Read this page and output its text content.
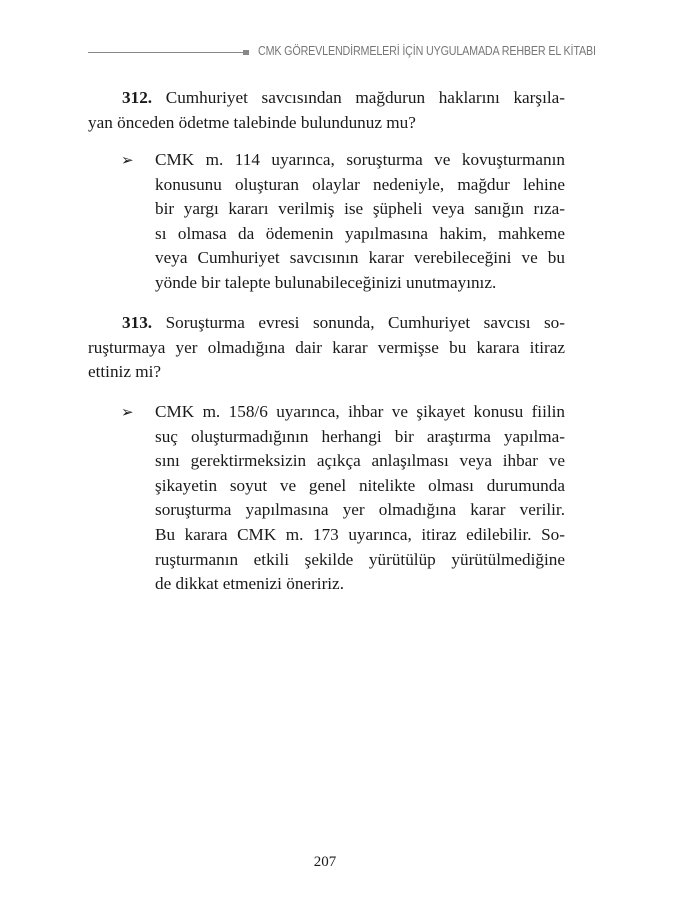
CMK GÖREVLENDİRMELERİ İÇİN UYGULAMADA REHBER EL KİTABI
312. Cumhuriyet savcısından mağdurun haklarını karşıla-
yan önceden ödetme talebinde bulundunuz mu?
➢ CMK m. 114 uyarınca, soruşturma ve kovuşturmanın
konusunu oluşturan olaylar nedeniyle, mağdur lehine
bir yargı kararı verilmiş ise şüpheli veya sanığın rıza-
sı olmasa da ödemenin yapılmasına hakim, mahkeme
veya Cumhuriyet savcısının karar verebileceğini ve bu
yönde bir talepte bulunabileceğinizi unutmayınız.
313. Soruşturma evresi sonunda, Cumhuriyet savcısı so-
ruşturmaya yer olmadığına dair karar vermişse bu karara itiraz
ettiniz mi?
➢ CMK m. 158/6 uyarınca, ihbar ve şikayet konusu fiilin
suç oluşturmadığının herhangi bir araştırma yapılma-
sını gerektirmeksizin açıkça anlaşılması veya ihbar ve
şikayetin soyut ve genel nitelikte olması durumunda
soruşturma yapılmasına yer olmadığına karar verilir.
Bu karara CMK m. 173 uyarınca, itiraz edilebilir. So-
ruşturmanın etkili şekilde yürütülüp yürütülmediğine
de dikkat etmenizi öneririz.
207
